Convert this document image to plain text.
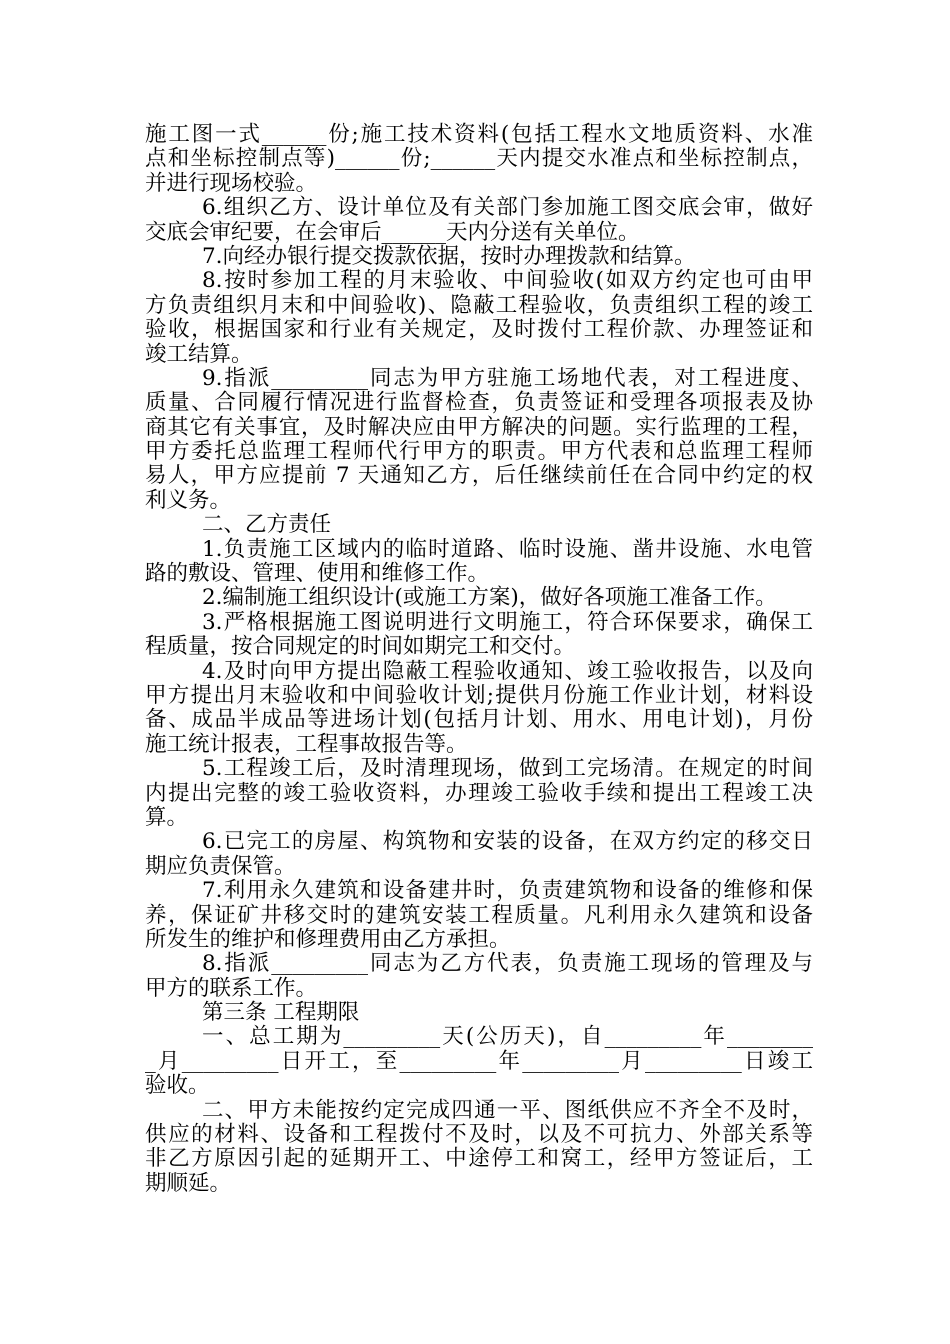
施工图一式______份;施工技术资料(包括工程水文地质资料、水准
点和坐标控制点等)______份;______天内提交水准点和坐标控制点，
并进行现场校验。
6.组织乙方、设计单位及有关部门参加施工图交底会审，做好
交底会审纪要，在会审后______天内分送有关单位。
7.向经办银行提交拨款依据，按时办理拨款和结算。
8.按时参加工程的月末验收、中间验收(如双方约定也可由甲
方负责组织月末和中间验收)、隐蔽工程验收，负责组织工程的竣工
验收，根据国家和行业有关规定，及时拨付工程价款、办理签证和
竣工结算。
9.指派_________同志为甲方驻施工场地代表，对工程进度、
质量、合同履行情况进行监督检查，负责签证和受理各项报表及协
商其它有关事宜，及时解决应由甲方解决的问题。实行监理的工程，
甲方委托总监理工程师代行甲方的职责。甲方代表和总监理工程师
易人，甲方应提前 7 天通知乙方，后任继续前任在合同中约定的权
利义务。
二、乙方责任
1.负责施工区域内的临时道路、临时设施、凿井设施、水电管
路的敷设、管理、使用和维修工作。
2.编制施工组织设计(或施工方案)，做好各项施工准备工作。
3.严格根据施工图说明进行文明施工，符合环保要求，确保工
程质量，按合同规定的时间如期完工和交付。
4.及时向甲方提出隐蔽工程验收通知、竣工验收报告，以及向
甲方提出月末验收和中间验收计划;提供月份施工作业计划，材料设
备、成品半成品等进场计划(包括月计划、用水、用电计划)，月份
施工统计报表，工程事故报告等。
5.工程竣工后，及时清理现场，做到工完场清。在规定的时间
内提出完整的竣工验收资料，办理竣工验收手续和提出工程竣工决
算。
6.已完工的房屋、构筑物和安装的设备，在双方约定的移交日
期应负责保管。
7.利用永久建筑和设备建井时，负责建筑物和设备的维修和保
养，保证矿井移交时的建筑安装工程质量。凡利用永久建筑和设备
所发生的维护和修理费用由乙方承担。
8.指派_________同志为乙方代表，负责施工现场的管理及与
甲方的联系工作。
第三条 工程期限
一、总工期为_________天(公历天)，自_________年________
_月_________日开工，至_________年_________月_________日竣工
验收。
二、甲方未能按约定完成四通一平、图纸供应不齐全不及时，
供应的材料、设备和工程拨付不及时，以及不可抗力、外部关系等
非乙方原因引起的延期开工、中途停工和窝工，经甲方签证后，工
期顺延。
